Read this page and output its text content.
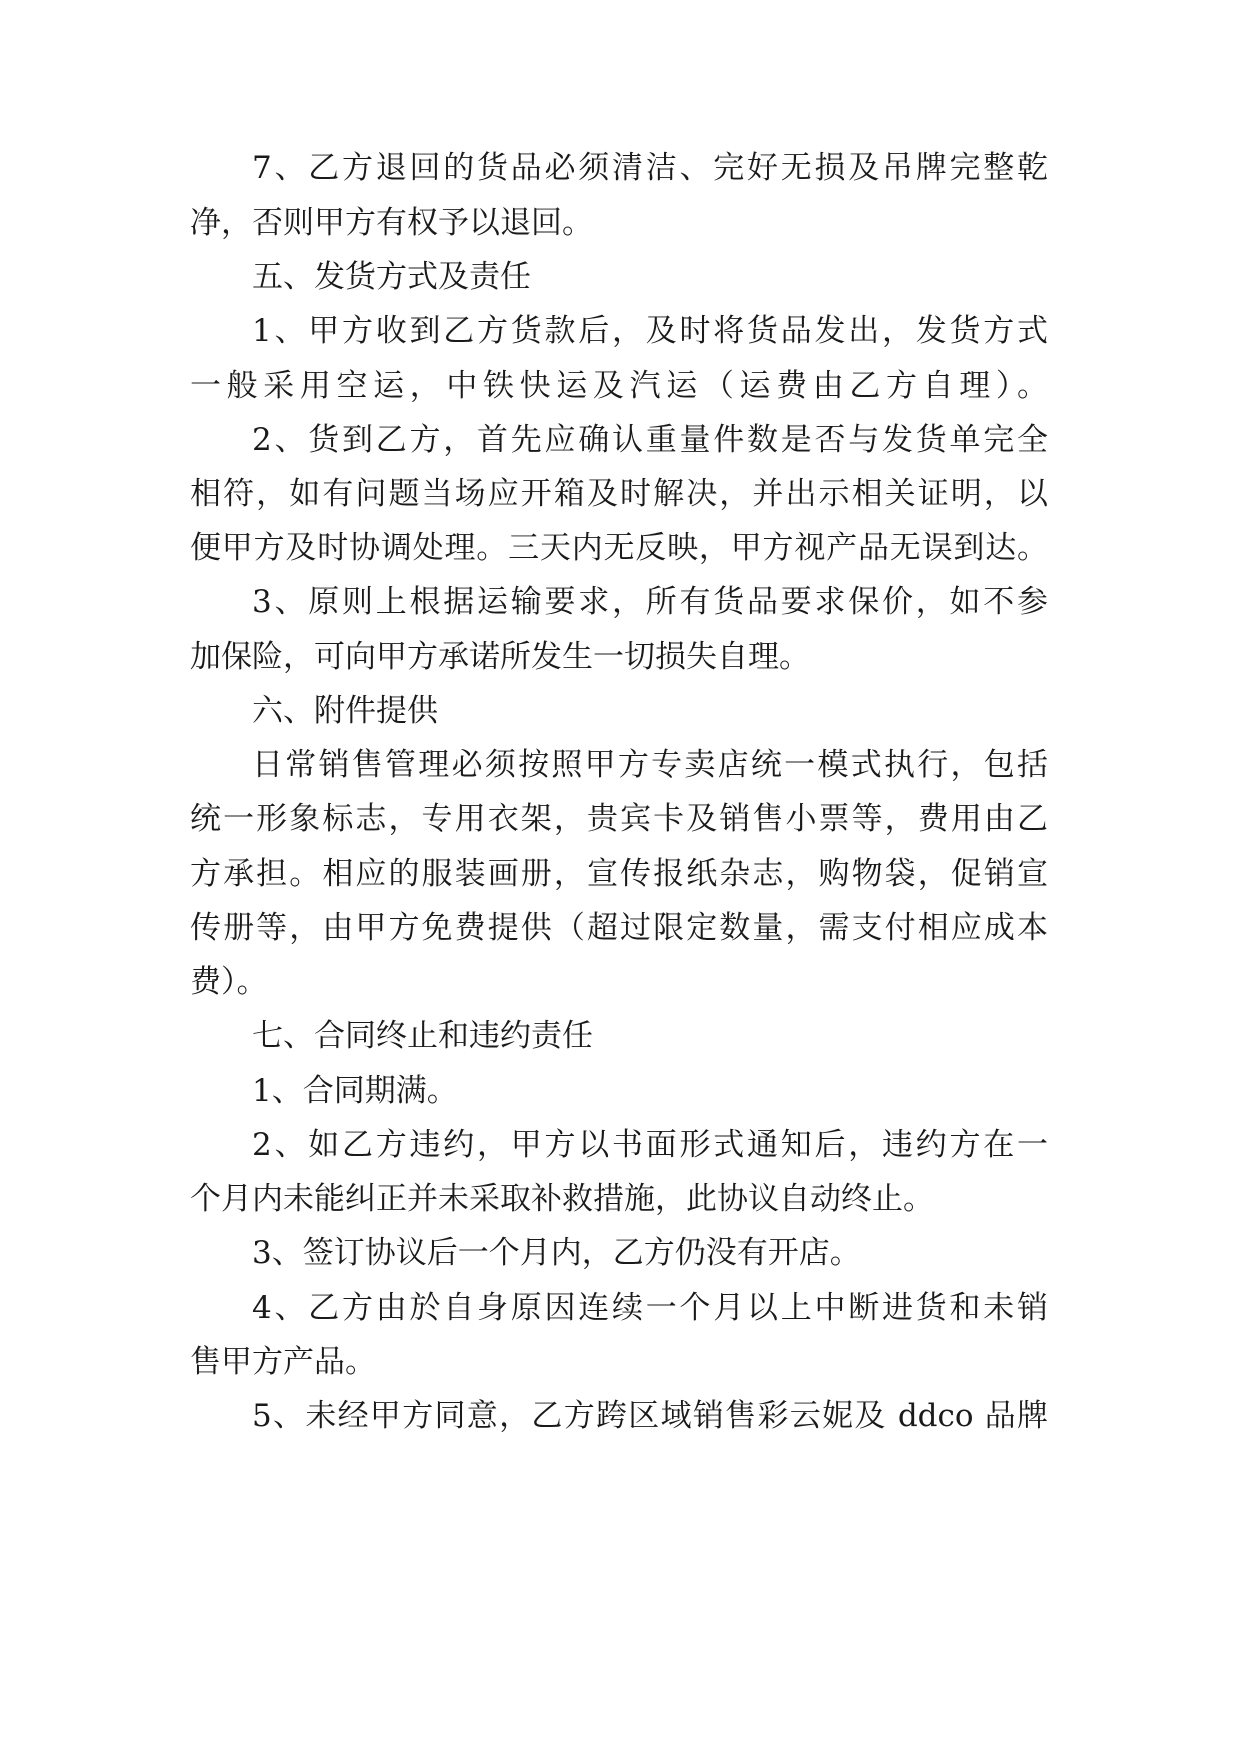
7、乙方退回的货品必须清洁、完好无损及吊牌完整乾
净，否则甲方有权予以退回。
五、发货方式及责任
1、甲方收到乙方货款后，及时将货品发出，发货方式
一般采用空运，中铁快运及汽运（运费由乙方自理）。
2、货到乙方，首先应确认重量件数是否与发货单完全
相符，如有问题当场应开箱及时解决，并出示相关证明，以
便甲方及时协调处理。三天内无反映，甲方视产品无误到达。
3、原则上根据运输要求，所有货品要求保价，如不参
加保险，可向甲方承诺所发生一切损失自理。
六、附件提供
日常销售管理必须按照甲方专卖店统一模式执行，包括
统一形象标志，专用衣架，贵宾卡及销售小票等，费用由乙
方承担。相应的服装画册，宣传报纸杂志，购物袋，促销宣
传册等，由甲方免费提供（超过限定数量，需支付相应成本
费）。
七、合同终止和违约责任
1、合同期满。
2、如乙方违约，甲方以书面形式通知后，违约方在一
个月内未能纠正并未采取补救措施，此协议自动终止。
3、签订协议后一个月内，乙方仍没有开店。
4、乙方由於自身原因连续一个月以上中断进货和未销
售甲方产品。
5、未经甲方同意，乙方跨区域销售彩云妮及 ddco 品牌
